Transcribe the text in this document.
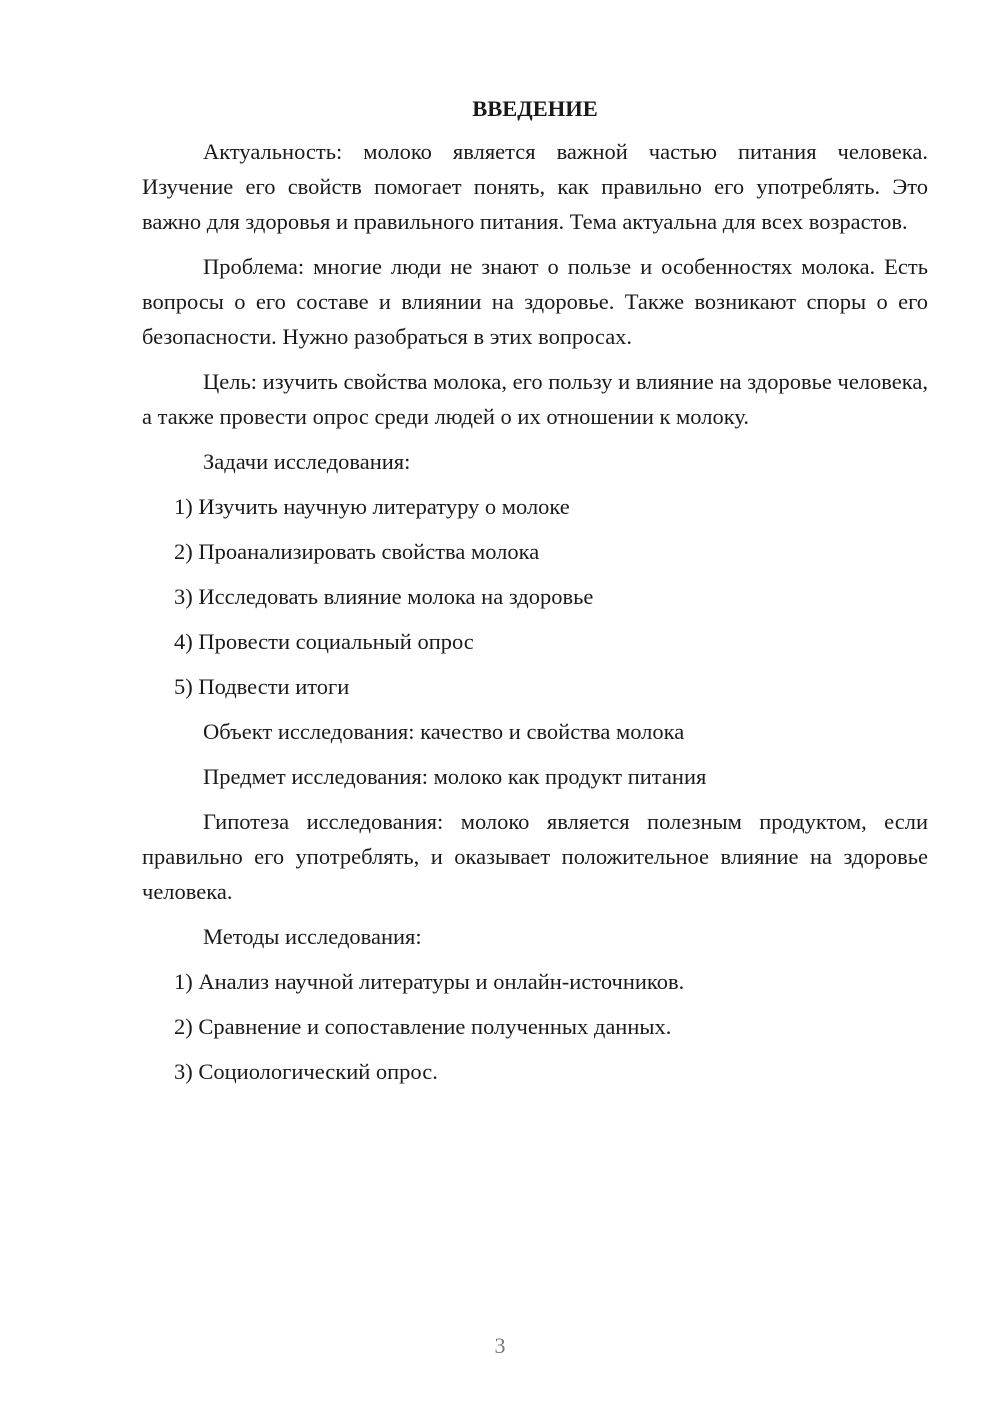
ВВЕДЕНИЕ

Актуальность: молоко является важной частью питания человека. Изучение его свойств помогает понять, как правильно его употреблять. Это важно для здоровья и правильного питания. Тема актуальна для всех возрастов.

Проблема: многие люди не знают о пользе и особенностях молока. Есть вопросы о его составе и влиянии на здоровье. Также возникают споры о его безопасности. Нужно разобраться в этих вопросах.

Цель: изучить свойства молока, его пользу и влияние на здоровье человека, а также провести опрос среди людей о их отношении к молоку.

Задачи исследования:

1) Изучить научную литературу о молоке
2) Проанализировать свойства молока
3) Исследовать влияние молока на здоровье
4) Провести социальный опрос
5) Подвести итоги

Объект исследования: качество и свойства молока

Предмет исследования: молоко как продукт питания

Гипотеза исследования: молоко является полезным продуктом, если правильно его употреблять, и оказывает положительное влияние на здоровье человека.

Методы исследования:

1) Анализ научной литературы и онлайн-источников.
2) Сравнение и сопоставление полученных данных.
3) Социологический опрос.
3
